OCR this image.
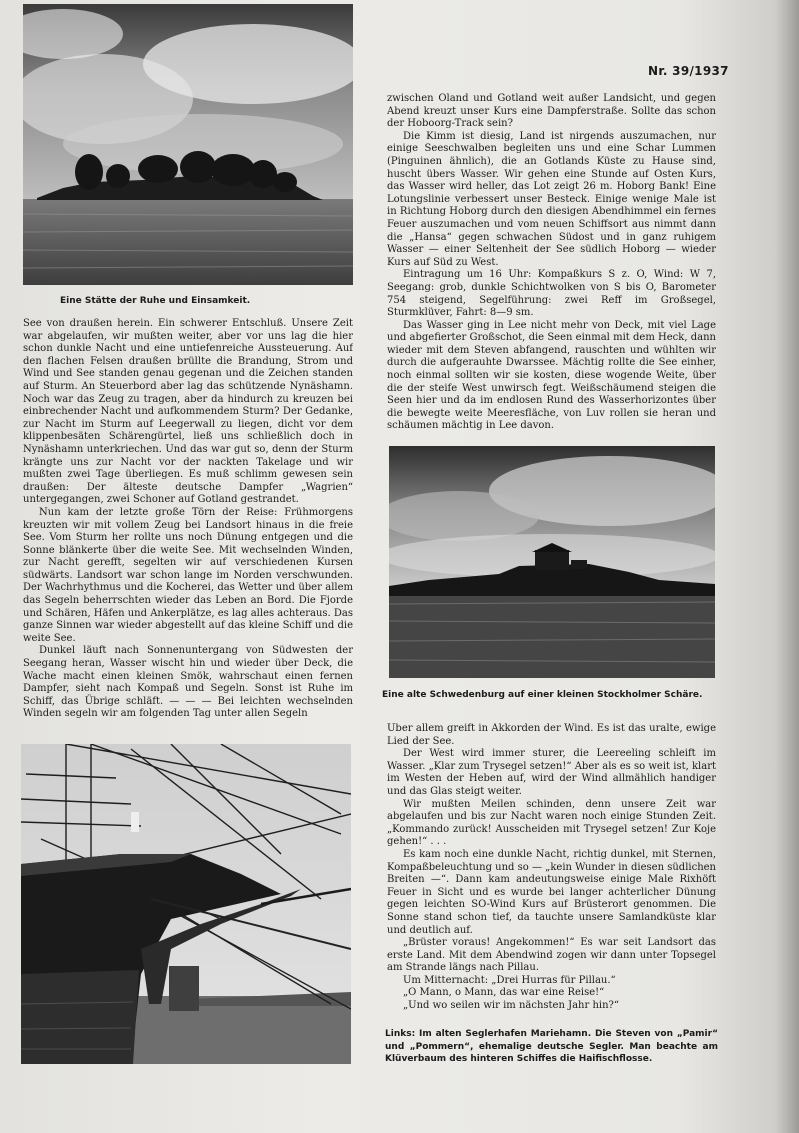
Nr. 39/1937
Eine Stätte der Ruhe und Einsamkeit.

See von draußen herein. Ein schwerer Entschluß. Unsere Zeit war abgelaufen, wir mußten weiter, aber vor uns lag die hier schon dunkle Nacht und eine untiefenreiche Aussteuerung. Auf den flachen Felsen draußen brüllte die Brandung, Strom und Wind und See standen genau gegenan und die Zeichen standen auf Sturm. An Steuerbord aber lag das schützende Nynäshamn. Noch war das Zeug zu tragen, aber da hindurch zu kreuzen bei einbrechender Nacht und aufkommendem Sturm? Der Gedanke, zur Nacht im Sturm auf Leegerwall zu liegen, dicht vor dem klippenbesäten Schärengürtel, ließ uns schließlich doch in Nynäshamn unterkriechen. Und das war gut so, denn der Sturm krängte uns zur Nacht vor der nackten Takelage und wir mußten zwei Tage überliegen. Es muß schlimm gewesen sein draußen: Der älteste deutsche Dampfer „Wagrien“ untergegangen, zwei Schoner auf Gotland gestrandet.

Nun kam der letzte große Törn der Reise: Frühmorgens kreuzten wir mit vollem Zeug bei Landsort hinaus in die freie See. Vom Sturm her rollte uns noch Dünung entgegen und die Sonne blänkerte über die weite See. Mit wechselnden Winden, zur Nacht gerefft, segelten wir auf verschiedenen Kursen südwärts. Landsort war schon lange im Norden verschwunden. Der Wachrhythmus und die Kocherei, das Wetter und über allem das Segeln beherrschten wieder das Leben an Bord. Die Fjorde und Schären, Häfen und Ankerplätze, es lag alles achteraus. Das ganze Sinnen war wieder abgestellt auf das kleine Schiff und die weite See.

Dunkel läuft nach Sonnenuntergang von Südwesten der Seegang heran, Wasser wischt hin und wieder über Deck, die Wache macht einen kleinen Smök, wahrschaut einen fernen Dampfer, sieht nach Kompaß und Segeln. Sonst ist Ruhe im Schiff, das Übrige schläft. — — — Bei leichten wechselnden Winden segeln wir am folgenden Tag unter allen Segeln

zwischen Öland und Gotland weit außer Landsicht, und gegen Abend kreuzt unser Kurs eine Dampferstraße. Sollte das schon der Hoboorg-Track sein?

Die Kimm ist diesig, Land ist nirgends auszumachen, nur einige Seeschwalben begleiten uns und eine Schar Lummen (Pinguinen ähnlich), die an Gotlands Küste zu Hause sind, huscht übers Wasser. Wir gehen eine Stunde auf Osten Kurs, das Wasser wird heller, das Lot zeigt 26 m. Hoborg Bank! Eine Lotungslinie verbessert unser Besteck. Einige wenige Male ist in Richtung Hoborg durch den diesigen Abendhimmel ein fernes Feuer auszumachen und vom neuen Schiffsort aus nimmt dann die „Hansa“ gegen schwachen Südost und in ganz ruhigem Wasser — einer Seltenheit der See südlich Hoborg — wieder Kurs auf Süd zu West.

Eintragung um 16 Uhr: Kompaßkurs S z. O, Wind: W 7, Seegang: grob, dunkle Schichtwolken von S bis O, Barometer 754 steigend, Segelführung: zwei Reff im Großsegel, Sturmklüver, Fahrt: 8—9 sm.

Das Wasser ging in Lee nicht mehr von Deck, mit viel Lage und abgefierter Großschot, die Seen einmal mit dem Heck, dann wieder mit dem Steven abfangend, rauschten und wühlten wir durch die aufgerauhte Dwarssee. Mächtig rollte die See einher, noch einmal sollten wir sie kosten, diese wogende Weite, über die der steife West unwirsch fegt. Weißschäumend steigen die Seen hier und da im endlosen Rund des Wasserhorizontes über die bewegte weite Meeresfläche, von Luv rollen sie heran und schäumen mächtig in Lee davon.

Eine alte Schwedenburg auf einer kleinen Stockholmer Schäre.

Über allem greift in Akkorden der Wind. Es ist das uralte, ewige Lied der See.

Der West wird immer sturer, die Leereeling schleift im Wasser. „Klar zum Trysegel setzen!“ Aber als es so weit ist, klart im Westen der Heben auf, wird der Wind allmählich handiger und das Glas steigt weiter.

Wir mußten Meilen schinden, denn unsere Zeit war abgelaufen und bis zur Nacht waren noch einige Stunden Zeit. „Kommando zurück! Ausscheiden mit Trysegel setzen! Zur Koje gehen!“ . . .

Es kam noch eine dunkle Nacht, richtig dunkel, mit Sternen, Kompaßbeleuchtung und so — „kein Wunder in diesen südlichen Breiten —“. Dann kam andeutungsweise einige Male Rixhöft Feuer in Sicht und es wurde bei langer achterlicher Dünung gegen leichten SO-Wind Kurs auf Brüsterort genommen. Die Sonne stand schon tief, da tauchte unsere Samlandküste klar und deutlich auf.

„Brüster voraus! Angekommen!“ Es war seit Landsort das erste Land. Mit dem Abendwind zogen wir dann unter Topsegel am Strande längs nach Pillau.

Um Mitternacht: „Drei Hurras für Pillau.“

„O Mann, o Mann, das war eine Reise!“

„Und wo seilen wir im nächsten Jahr hin?“

Links: Im alten Seglerhafen Mariehamn. Die Steven von „Pamir“ und „Pommern“, ehemalige deutsche Segler. Man beachte am Klüverbaum des hinteren Schiffes die Haifischflosse.
